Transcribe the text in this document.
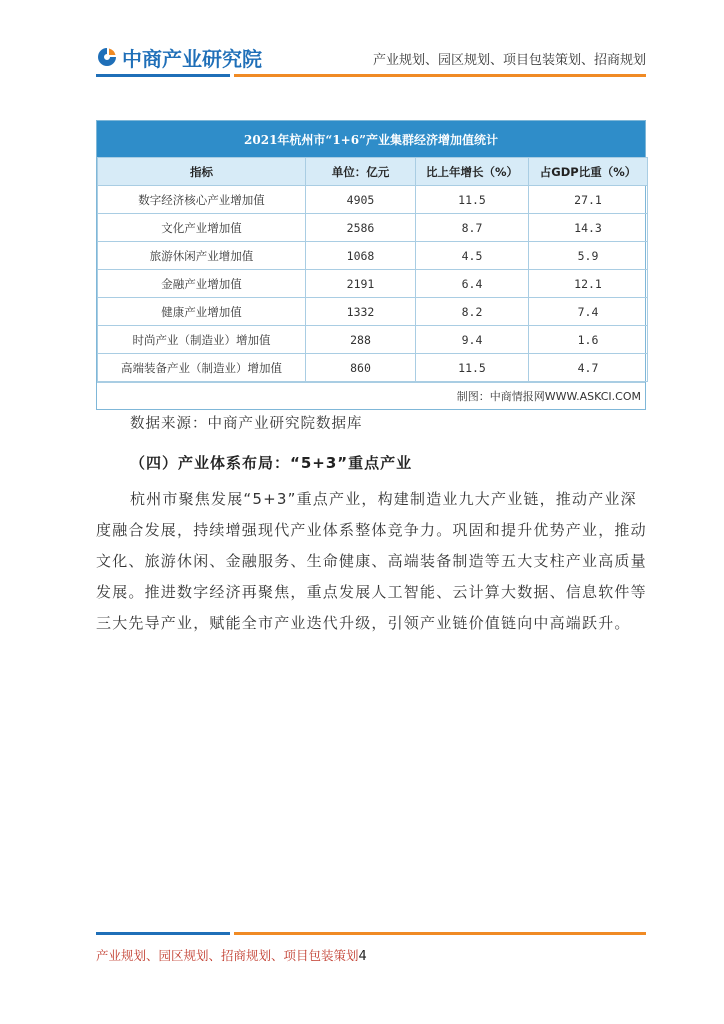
中商产业研究院	产业规划、园区规划、项目包装策划、招商规划
2021年杭州市“1+6”产业集群经济增加值统计
指标	单位：亿元	比上年增长（%）	占GDP比重（%）
数字经济核心产业增加值	4905	11.5	27.1
文化产业增加值	2586	8.7	14.3
旅游休闲产业增加值	1068	4.5	5.9
金融产业增加值	2191	6.4	12.1
健康产业增加值	1332	8.2	7.4
时尚产业（制造业）增加值	288	9.4	1.6
高端装备产业（制造业）增加值	860	11.5	4.7
制图：中商情报网WWW.ASKCI.COM
数据来源：中商产业研究院数据库
（四）产业体系布局：“5+3”重点产业

杭州市聚焦发展“5+3”重点产业，构建制造业九大产业链，推动产业深度融合发展，持续增强现代产业体系整体竞争力。巩固和提升优势产业，推动文化、旅游休闲、金融服务、生命健康、高端装备制造等五大支柱产业高质量发展。推进数字经济再聚焦，重点发展人工智能、云计算大数据、信息软件等三大先导产业，赋能全市产业迭代升级，引领产业链价值链向中高端跃升。

产业规划、园区规划、招商规划、项目包装策划4
